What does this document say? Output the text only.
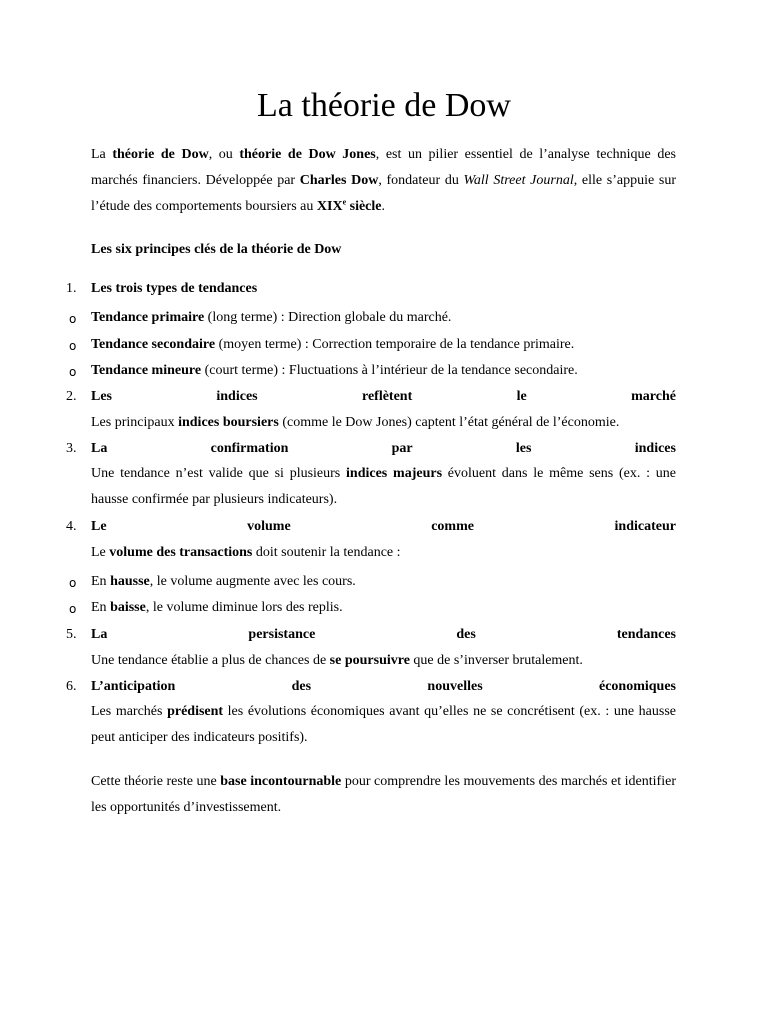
La théorie de Dow

La théorie de Dow, ou théorie de Dow Jones, est un pilier essentiel de l’analyse technique des marchés financiers. Développée par Charles Dow, fondateur du Wall Street Journal, elle s’appuie sur l’étude des comportements boursiers au XIXe siècle.

Les six principes clés de la théorie de Dow
1. Les trois types de tendances
o Tendance primaire (long terme) : Direction globale du marché.

o Tendance secondaire (moyen terme) : Correction temporaire de la tendance primaire.

o Tendance mineure (court terme) : Fluctuations à l’intérieur de la tendance secondaire.

2. Les	indices	reflètent	le	marché

Les principaux indices boursiers (comme le Dow Jones) captent l’état général de l’économie.

3. La	confirmation	par	les	indices

Une tendance n’est valide que si plusieurs indices majeurs évoluent dans le même sens (ex. : une hausse confirmée par plusieurs indicateurs).

4. Le	volume	comme	indicateur

Le volume des transactions doit soutenir la tendance :

o En hausse, le volume augmente avec les cours.

o En baisse, le volume diminue lors des replis.

5. La	persistance	des	tendances

Une tendance établie a plus de chances de se poursuivre que de s’inverser brutalement.

6. L’anticipation	des	nouvelles	économiques

Les marchés prédisent les évolutions économiques avant qu’elles ne se concrétisent (ex. : une hausse peut anticiper des indicateurs positifs).

Cette théorie reste une base incontournable pour comprendre les mouvements des marchés et identifier les opportunités d’investissement.
